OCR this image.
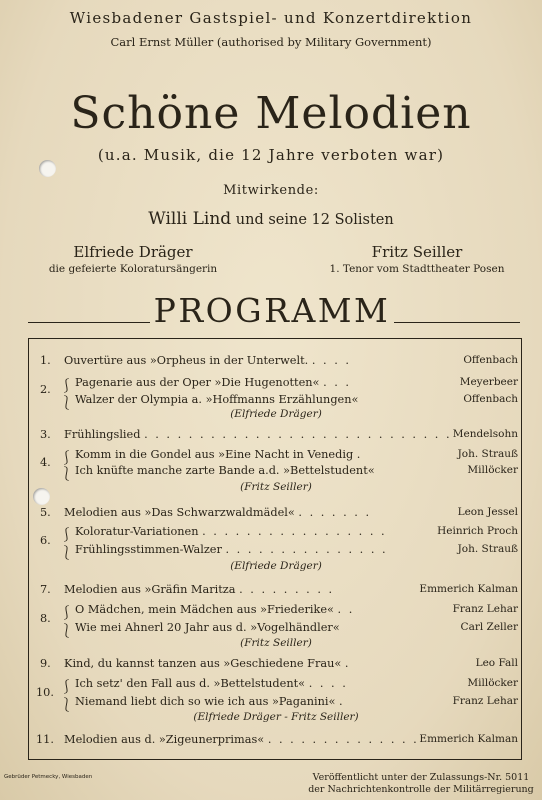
Wiesbadener Gastspiel- und Konzertdirektion
Carl Ernst Müller (authorised by Military Government)
Schöne Melodien
(u.a. Musik, die 12 Jahre verboten war)
Mitwirkende:
Willi Lind und seine 12 Solisten
Elfriede Dräger
die gefeierte Koloratursängerin
Fritz Seiller
1. Tenor vom Stadttheater Posen
PROGRAMM
1. Ouvertüre aus »Orpheus in der Unterwelt. . . . .	Offenbach
2. ⎰ Pagenarie aus der Oper »Die Hugenotten« . . .	Meyerbeer
⎱ Walzer der Olympia a. »Hoffmanns Erzählungen«	Offenbach
(Elfriede Dräger)
3. Frühlingslied . . . . . . . . . . . . . . . . . . . . . . . . . . . . Mendelsohn
4. ⎰ Komm in die Gondel aus »Eine Nacht in Venedig .	Joh. Strauß
⎱ Ich knüfte manche zarte Bande a.d. »Bettelstudent«	Millöcker
(Fritz Seiller)
5. Melodien aus »Das Schwarzwaldmädel« . . . . . . .	Leon Jessel
6. ⎰ Koloratur-Variationen . . . . . . . . . . . . . . . . .	Heinrich Proch
⎱ Frühlingsstimmen-Walzer . . . . . . . . . . . . . . .	Joh. Strauß
(Elfriede Dräger)
7. Melodien aus »Gräfin Maritza . . . . . . . . .	Emmerich Kalman
8. ⎰ O Mädchen, mein Mädchen aus »Friederike« . .	Franz Lehar
⎱ Wie mei Ahnerl 20 Jahr aus d. »Vogelhändler«	Carl Zeller
(Fritz Seiller)
9. Kind, du kannst tanzen aus »Geschiedene Frau« .	Leo Fall
10. ⎰ Ich setz' den Fall aus d. »Bettelstudent« . . . .	Millöcker
⎱ Niemand liebt dich so wie ich aus »Paganini« .	Franz Lehar
(Elfriede Dräger - Fritz Seiller)
11. Melodien aus d. »Zigeunerprimas« . . . . . . . . . . . . . . Emmerich Kalman
Gebrüder Petmecky, Wiesbaden	Veröffentlicht unter der Zulassungs-Nr. 5011
der Nachrichtenkontrolle der Militärregierung
